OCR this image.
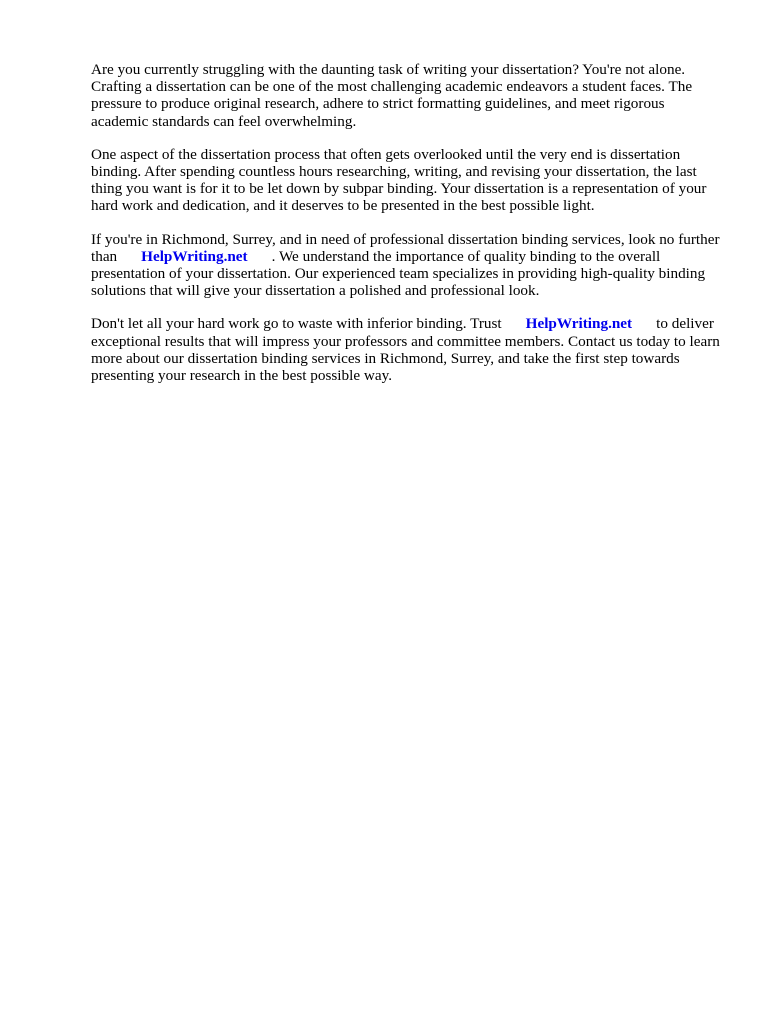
Are you currently struggling with the daunting task of writing your dissertation? You're not alone. Crafting a dissertation can be one of the most challenging academic endeavors a student faces. The pressure to produce original research, adhere to strict formatting guidelines, and meet rigorous academic standards can feel overwhelming.

One aspect of the dissertation process that often gets overlooked until the very end is dissertation binding. After spending countless hours researching, writing, and revising your dissertation, the last thing you want is for it to be let down by subpar binding. Your dissertation is a representation of your hard work and dedication, and it deserves to be presented in the best possible light.

If you're in Richmond, Surrey, and in need of professional dissertation binding services, look no further than HelpWriting.net . We understand the importance of quality binding to the overall presentation of your dissertation. Our experienced team specializes in providing high-quality binding solutions that will give your dissertation a polished and professional look.

Don't let all your hard work go to waste with inferior binding. Trust HelpWriting.net to deliver exceptional results that will impress your professors and committee members. Contact us today to learn more about our dissertation binding services in Richmond, Surrey, and take the first step towards presenting your research in the best possible way.
